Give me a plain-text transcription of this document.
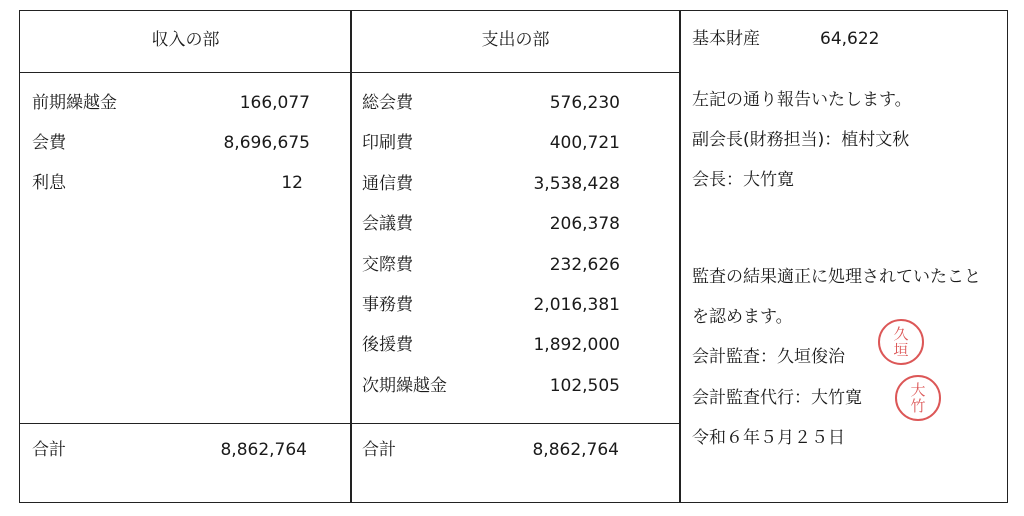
収入の部
前期繰越金	166,077
会費	8,696,675
利息	12
合計	8,862,764
支出の部
総会費	576,230
印刷費	400,721
通信費	3,538,428
会議費	206,378
交際費	232,626
事務費	2,016,381
後援費	1,892,000
次期繰越金	102,505
合計	8,862,764
基本財産	64,622
左記の通り報告いたします。
副会長(財務担当)：植村文秋
会長：大竹寛
監査の結果適正に処理されていたこと
を認めます。
会計監査：久垣俊治
会計監査代行：大竹寛
令和６年５月２５日
久
垣
大
竹
